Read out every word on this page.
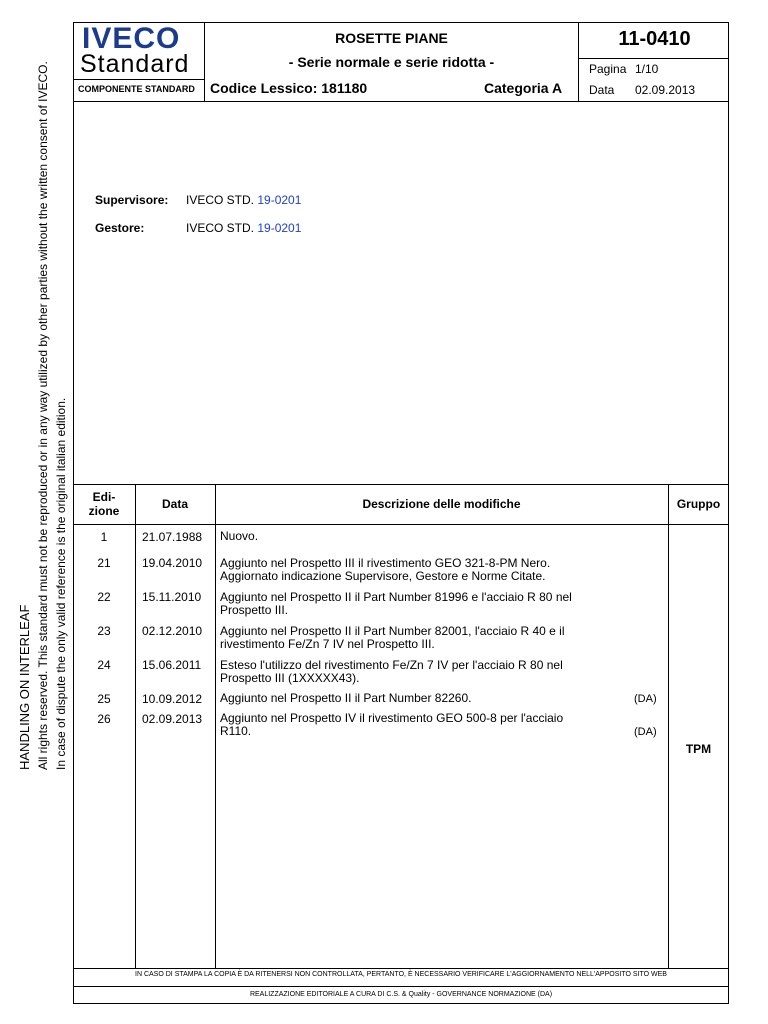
HANDLING ON INTERLEAF All rights reserved. This standard must not be reproduced or in any way utilized by other parties without the written consent of IVECO. In case of dispute the only valid reference is the original italian edition.
IVECO
Standard
COMPONENTE STANDARD
ROSETTE PIANE
- Serie normale e serie ridotta -
Codice Lessico: 181180	Categoria A
11-0410
Pagina 1/10
Data 02.09.2013
Supervisore: IVECO STD. 19-0201
Gestore:	IVECO STD. 19-0201
Edi-
zione	Data	Descrizione delle modifiche	Gruppo
1	21.07.1988 Nuovo.
21	19.04.2010 Aggiunto nel Prospetto III il rivestimento GEO 321-8-PM Nero.
Aggiornato indicazione Supervisore, Gestore e Norme Citate.
22	15.11.2010 Aggiunto nel Prospetto II il Part Number 81996 e l'acciaio R 80 nel
Prospetto III.
23	02.12.2010 Aggiunto nel Prospetto II il Part Number 82001, l'acciaio R 40 e il
rivestimento Fe/Zn 7 IV nel Prospetto III.
24	15.06.2011 Esteso l'utilizzo del rivestimento Fe/Zn 7 IV per l'acciaio R 80 nel
Prospetto III (1XXXXX43).
25	10.09.2012 Aggiunto nel Prospetto II il Part Number 82260.	(DA)
26	02.09.2013 Aggiunto nel Prospetto IV il rivestimento GEO 500-8 per l'acciaio
R110.	(DA)
TPM
IN CASO DI STAMPA LA COPIA È DA RITENERSI NON CONTROLLATA, PERTANTO, È NECESSARIO VERIFICARE L'AGGIORNAMENTO NELL'APPOSITO SITO WEB
REALIZZAZIONE EDITORIALE A CURA DI C.S. & Quality - GOVERNANCE NORMAZIONE (DA)
